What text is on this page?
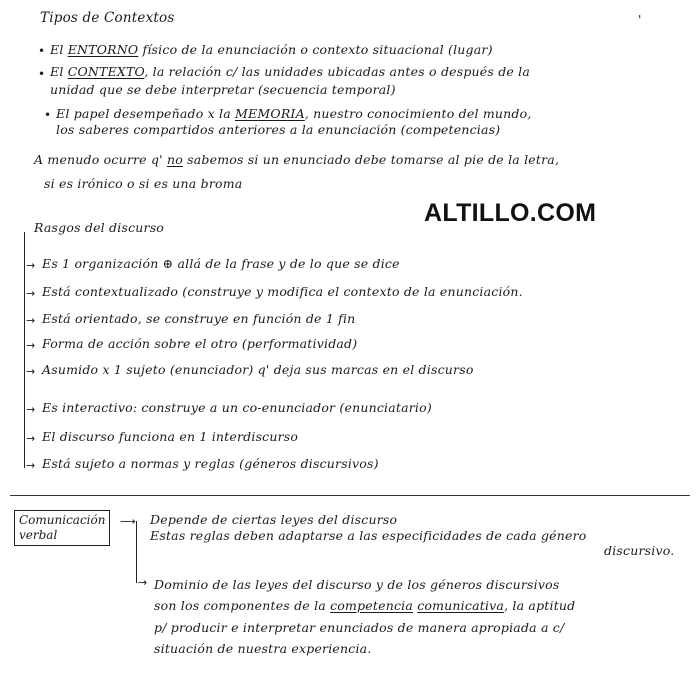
Tipos de Contextos	'
• El ENTORNO físico de la enunciación o contexto situacional (lugar)
• El CONTEXTO, la relación c/ las unidades ubicadas antes o después de la
unidad que se debe interpretar (secuencia temporal)
• El papel desempeñado x la MEMORIA, nuestro conocimiento del mundo,
los saberes compartidos anteriores a la enunciación (competencias)
A menudo ocurre q' no sabemos si un enunciado debe tomarse al pie de la letra,
si es irónico o si es una broma
ALTILLO.COM
Rasgos del discurso
→ Es 1 organización ⊕ allá de la frase y de lo que se dice
→ Está contextualizado (construye y modifica el contexto de la enunciación.
→ Está orientado, se construye en función de 1 fin
→ Forma de acción sobre el otro (performatividad)
→ Asumido x 1 sujeto (enunciador) q' deja sus marcas en el discurso
→ Es interactivo: construye a un co-enunciador (enunciatario)
→ El discurso funciona en 1 interdiscurso
→ Está sujeto a normas y reglas (géneros discursivos)
Comunicación
verbal
⟶ Depende de ciertas leyes del discurso
Estas reglas deben adaptarse a las especificidades de cada género
discursivo.
→ Dominio de las leyes del discurso y de los géneros discursivos
son los componentes de la competencia comunicativa, la aptitud
p/ producir e interpretar enunciados de manera apropiada a c/
situación de nuestra experiencia.
